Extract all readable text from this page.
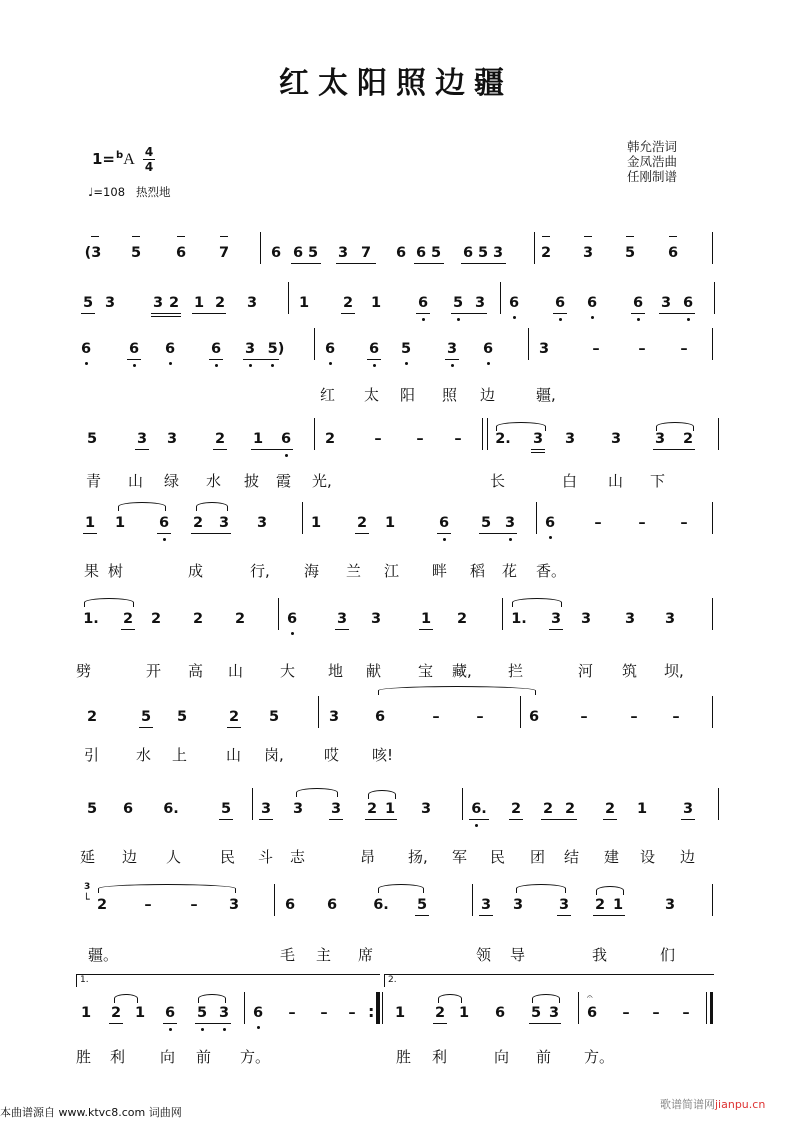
红太阳照边疆
韩允浩词
金凤浩曲
任刚制谱
1=$^b$A 4
4
♩=108 热烈地
(3 5 6 7	6 6 5 3 7 6 6 5 6 5 3	2 3 5 6
5 3	3 2 1 2 3	1 2 1	6 5 3 6 6 6 6 3 6
6	6 6 6 3 5)	6 6 5 3 6	3	–	–	–
红 太 阳 照 边	疆,
5	3 3	2 1 6 2	–	–	–	2. 3 3 3 3 2
青 山 绿 水 披 霞 光,	长	白 山 下
1 1 6 2 3 3	1 2 1	6 5 3 6	–	–	–
果 树	成	行, 海 兰 江 畔 稻 花 香。
1. 2 2 2 2	6	3 3	1 2	1. 3 3 3 3
劈	开 高 山 大 地 献 宝 藏, 拦	河 筑 坝,
2	5 5	2 5	3 6	–	–	6	–	–	–
引 水 上	山 岗,	哎 咳!
5 6 6.	5 3 3 3 2 1 3	6. 2 2 2 2 1 3
延 边 人	民 斗 志	昂 扬, 军 民 团 结 建 设 边
3
└ 2	–	–	3	6 6 6. 5	3 3 3 2 1	3
疆。	毛 主 席	领 导	我	们
1.
1 2 1 6 5 3 6	–	–	– :
2.
1 2 1 6 5 3 6
𝄐
–	–	–
胜 利 向 前 方。	胜 利	向 前 方。
本曲谱源自 www.ktvc8.com 词曲网
歌谱简谱网jianpu.cn
